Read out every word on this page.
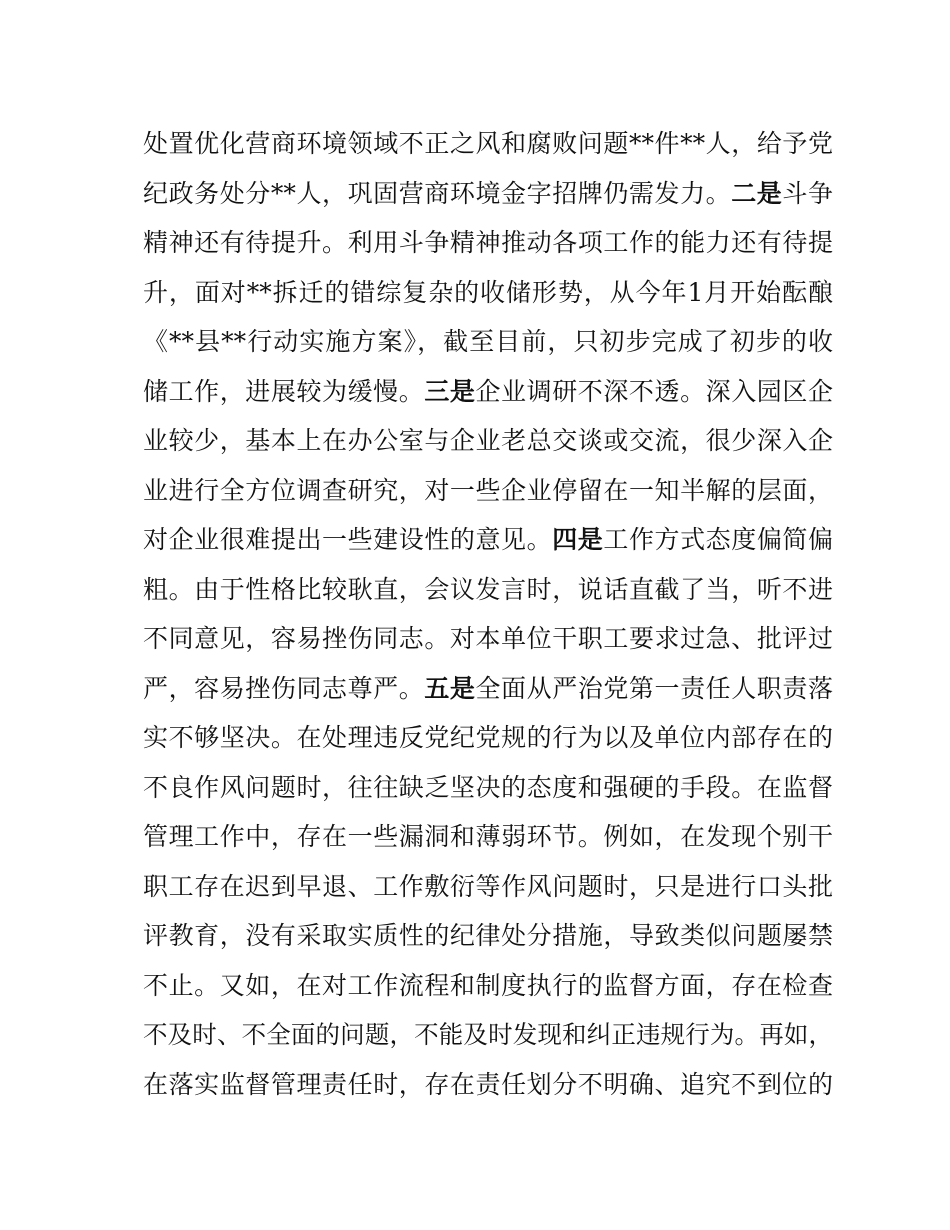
处置优化营商环境领域不正之风和腐败问题**件**人，给予党
纪政务处分**人，巩固营商环境金字招牌仍需发力。二是斗争
精神还有待提升。利用斗争精神推动各项工作的能力还有待提
升，面对**拆迁的错综复杂的收储形势，从今年1月开始酝酿
《**县**行动实施方案》，截至目前，只初步完成了初步的收
储工作，进展较为缓慢。三是企业调研不深不透。深入园区企
业较少，基本上在办公室与企业老总交谈或交流，很少深入企
业进行全方位调查研究，对一些企业停留在一知半解的层面，
对企业很难提出一些建设性的意见。四是工作方式态度偏简偏
粗。由于性格比较耿直，会议发言时，说话直截了当，听不进
不同意见，容易挫伤同志。对本单位干职工要求过急、批评过
严，容易挫伤同志尊严。五是全面从严治党第一责任人职责落
实不够坚决。在处理违反党纪党规的行为以及单位内部存在的
不良作风问题时，往往缺乏坚决的态度和强硬的手段。在监督
管理工作中，存在一些漏洞和薄弱环节。例如，在发现个别干
职工存在迟到早退、工作敷衍等作风问题时，只是进行口头批
评教育，没有采取实质性的纪律处分措施，导致类似问题屡禁
不止。又如，在对工作流程和制度执行的监督方面，存在检查
不及时、不全面的问题，不能及时发现和纠正违规行为。再如，
在落实监督管理责任时，存在责任划分不明确、追究不到位的
